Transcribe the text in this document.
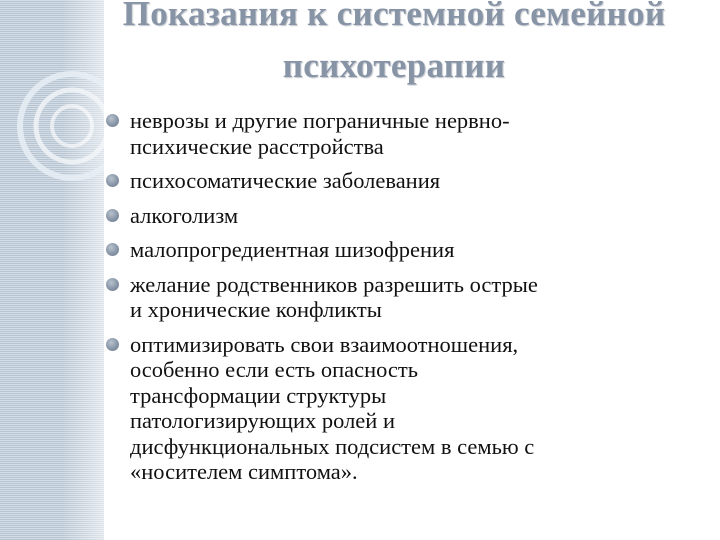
Показания к системной семейной
психотерапии
неврозы и другие пограничные нервно-
психические расстройства
психосоматические заболевания
алкоголизм
малопрогредиентная шизофрения
желание родственников разрешить острые
и хронические конфликты
оптимизировать свои взаимоотношения,
особенно если есть опасность
трансформации структуры
патологизирующих ролей и
дисфункциональных подсистем в семью с
«носителем симптома».
